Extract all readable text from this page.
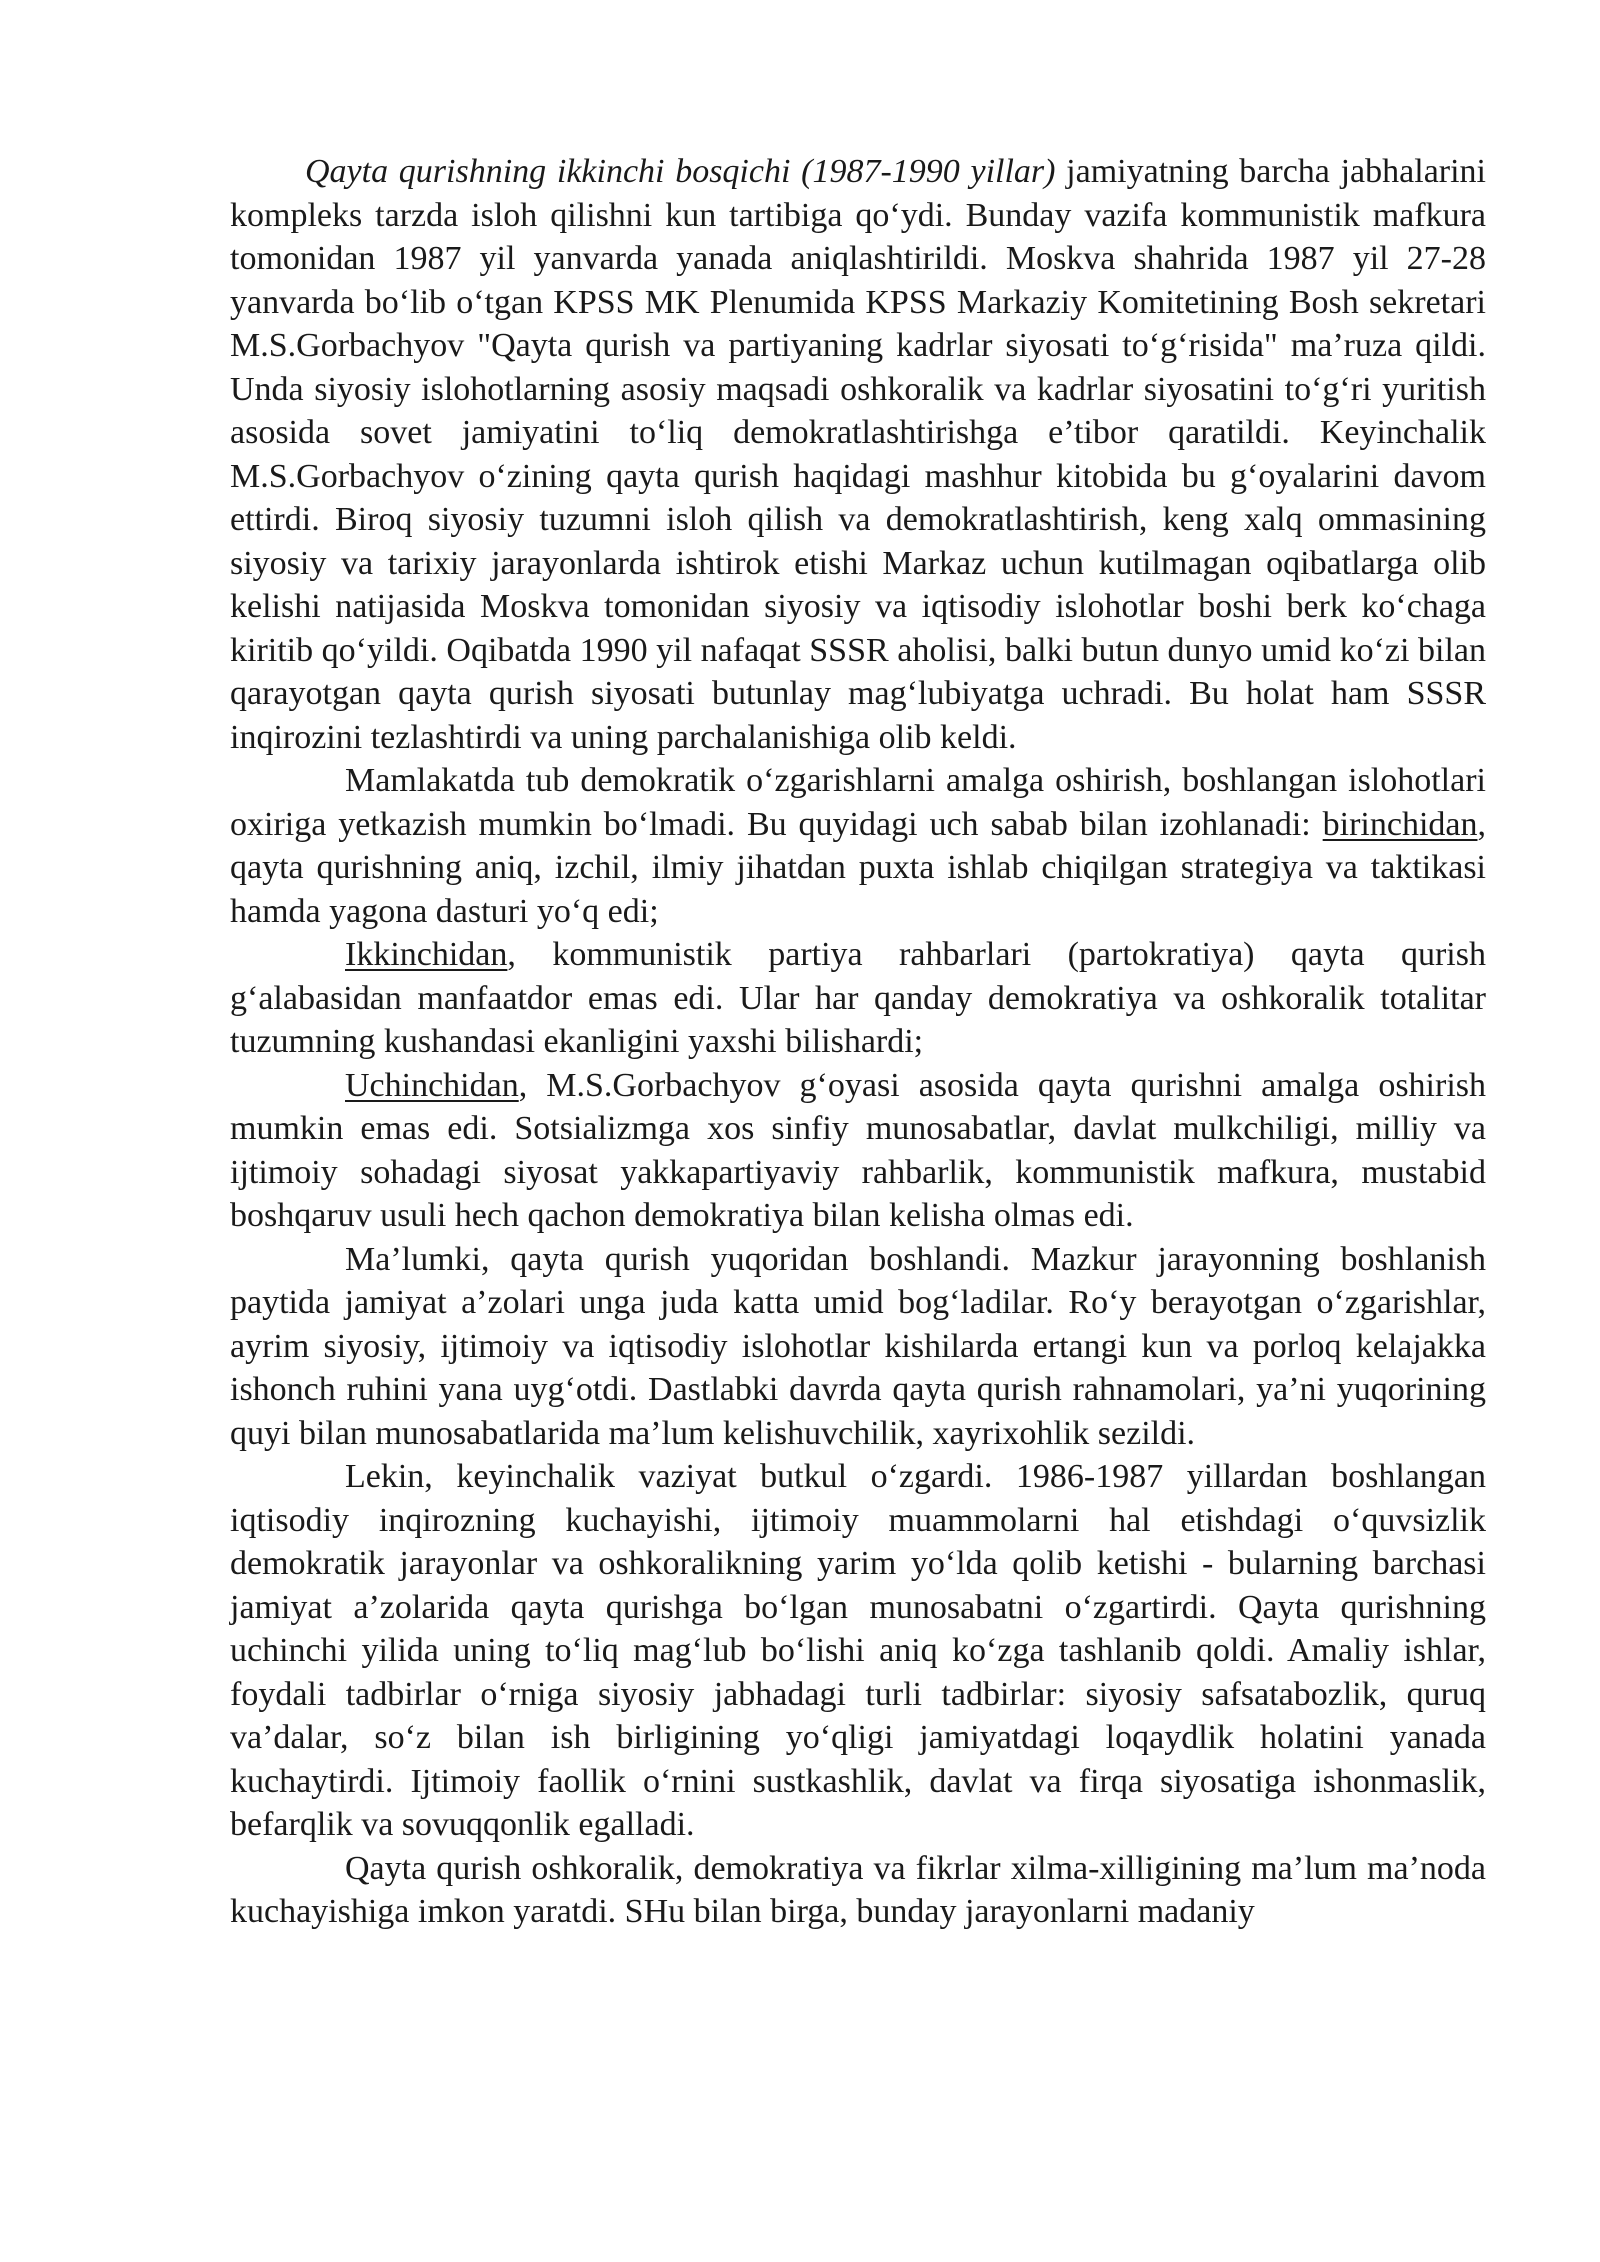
Qayta qurishning ikkinchi bosqichi (1987-1990 yillar) jamiyatning barcha jabhalarini kompleks tarzda isloh qilishni kun tartibiga qo‘ydi. Bunday vazifa kommunistik mafkura tomonidan 1987 yil yanvarda yanada aniqlashtirildi. Moskva shahrida 1987 yil 27-28 yanvarda bo‘lib o‘tgan KPSS MK Plenumida KPSS Markaziy Komitetining Bosh sekretari M.S.Gorbachyov "Qayta qurish va partiyaning kadrlar siyosati to‘g‘risida" ma’ruza qildi. Unda siyosiy islohotlarning asosiy maqsadi oshkoralik va kadrlar siyosatini to‘g‘ri yuritish asosida sovet jamiyatini to‘liq demokratlashtirishga e’tibor qaratildi. Keyinchalik M.S.Gorbachyov o‘zining qayta qurish haqidagi mashhur kitobida bu g‘oyalarini davom ettirdi. Biroq siyosiy tuzumni isloh qilish va demokratlashtirish, keng xalq ommasining siyosiy va tarixiy jarayonlarda ishtirok etishi Markaz uchun kutilmagan oqibatlarga olib kelishi natijasida Moskva tomonidan siyosiy va iqtisodiy islohotlar boshi berk ko‘chaga kiritib qo‘yildi. Oqibatda 1990 yil nafaqat SSSR aholisi, balki butun dunyo umid ko‘zi bilan qarayotgan qayta qurish siyosati butunlay mag‘lubiyatga uchradi. Bu holat ham SSSR inqirozini tezlashtirdi va uning parchalanishiga olib keldi.

Mamlakatda tub demokratik o‘zgarishlarni amalga oshirish, boshlangan islohotlari oxiriga yetkazish mumkin bo‘lmadi. Bu quyidagi uch sabab bilan izohlanadi: birinchidan, qayta qurishning aniq, izchil, ilmiy jihatdan puxta ishlab chiqilgan strategiya va taktikasi hamda yagona dasturi yo‘q edi;

Ikkinchidan, kommunistik partiya rahbarlari (partokratiya) qayta qurish g‘alabasidan manfaatdor emas edi. Ular har qanday demokratiya va oshkoralik totalitar tuzumning kushandasi ekanligini yaxshi bilishardi;

Uchinchidan, M.S.Gorbachyov g‘oyasi asosida qayta qurishni amalga oshirish mumkin emas edi. Sotsializmga xos sinfiy munosabatlar, davlat mulkchiligi, milliy va ijtimoiy sohadagi siyosat yakkapartiyaviy rahbarlik, kommunistik mafkura, mustabid boshqaruv usuli hech qachon demokratiya bilan kelisha olmas edi.

Ma’lumki, qayta qurish yuqoridan boshlandi. Mazkur jarayonning boshlanish paytida jamiyat a’zolari unga juda katta umid bog‘ladilar. Ro‘y berayotgan o‘zgarishlar, ayrim siyosiy, ijtimoiy va iqtisodiy islohotlar kishilarda ertangi kun va porloq kelajakka ishonch ruhini yana uyg‘otdi. Dastlabki davrda qayta qurish rahnamolari, ya’ni yuqorining quyi bilan munosabatlarida ma’lum kelishuvchilik, xayrixohlik sezildi.

Lekin, keyinchalik vaziyat butkul o‘zgardi. 1986-1987 yillardan boshlangan iqtisodiy inqirozning kuchayishi, ijtimoiy muammolarni hal etishdagi o‘quvsizlik demokratik jarayonlar va oshkoralikning yarim yo‘lda qolib ketishi - bularning barchasi jamiyat a’zolarida qayta qurishga bo‘lgan munosabatni o‘zgartirdi. Qayta qurishning uchinchi yilida uning to‘liq mag‘lub bo‘lishi aniq ko‘zga tashlanib qoldi. Amaliy ishlar, foydali tadbirlar o‘rniga siyosiy jabhadagi turli tadbirlar: siyosiy safsatabozlik, quruq va’dalar, so‘z bilan ish birligining yo‘qligi jamiyatdagi loqaydlik holatini yanada kuchaytirdi. Ijtimoiy faollik o‘rnini sustkashlik, davlat va firqa siyosatiga ishonmaslik, befarqlik va sovuqqonlik egalladi.

Qayta qurish oshkoralik, demokratiya va fikrlar xilma-xilligining ma’lum ma’noda kuchayishiga imkon yaratdi. SHu bilan birga, bunday jarayonlarni madaniy
